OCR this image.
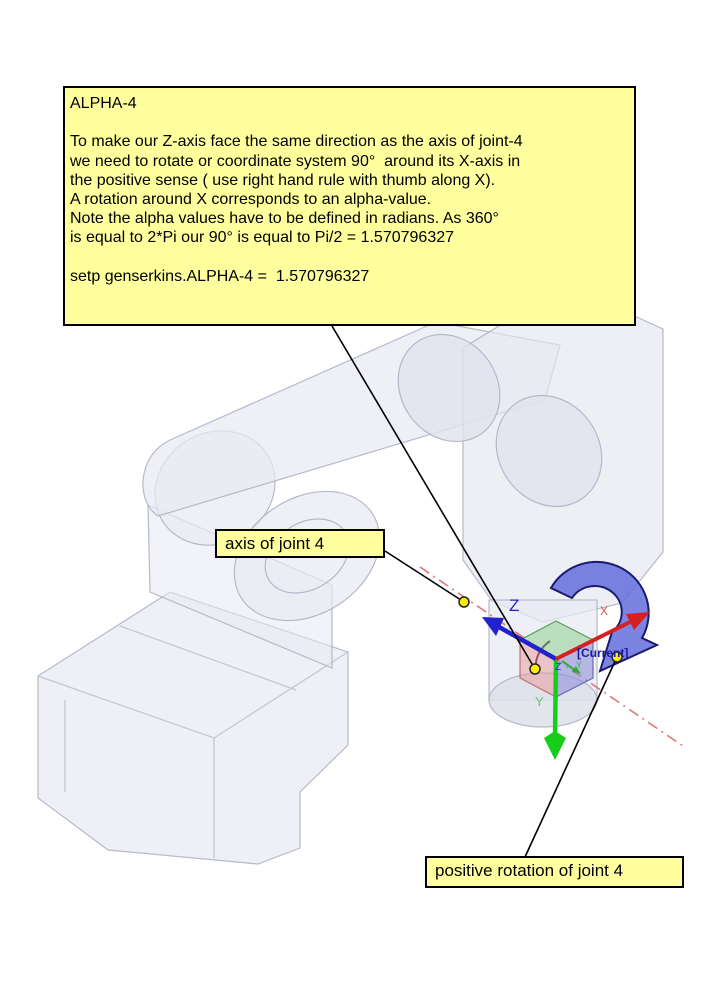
ALPHA-4
To make our Z-axis face the same direction as the axis of joint-4
we need to rotate or coordinate system 90°  around its X-axis in
the positive sense ( use right hand rule with thumb along X).
A rotation around X corresponds to an alpha-value.
Note the alpha values have to be defined in radians. As 360°
is equal to 2*Pi our 90° is equal to Pi/2 = 1.570796327
setp genserkins.ALPHA-4 =  1.570796327
axis of joint 4
positive rotation of joint 4
Z	X
Y
[Current]
Z Y
